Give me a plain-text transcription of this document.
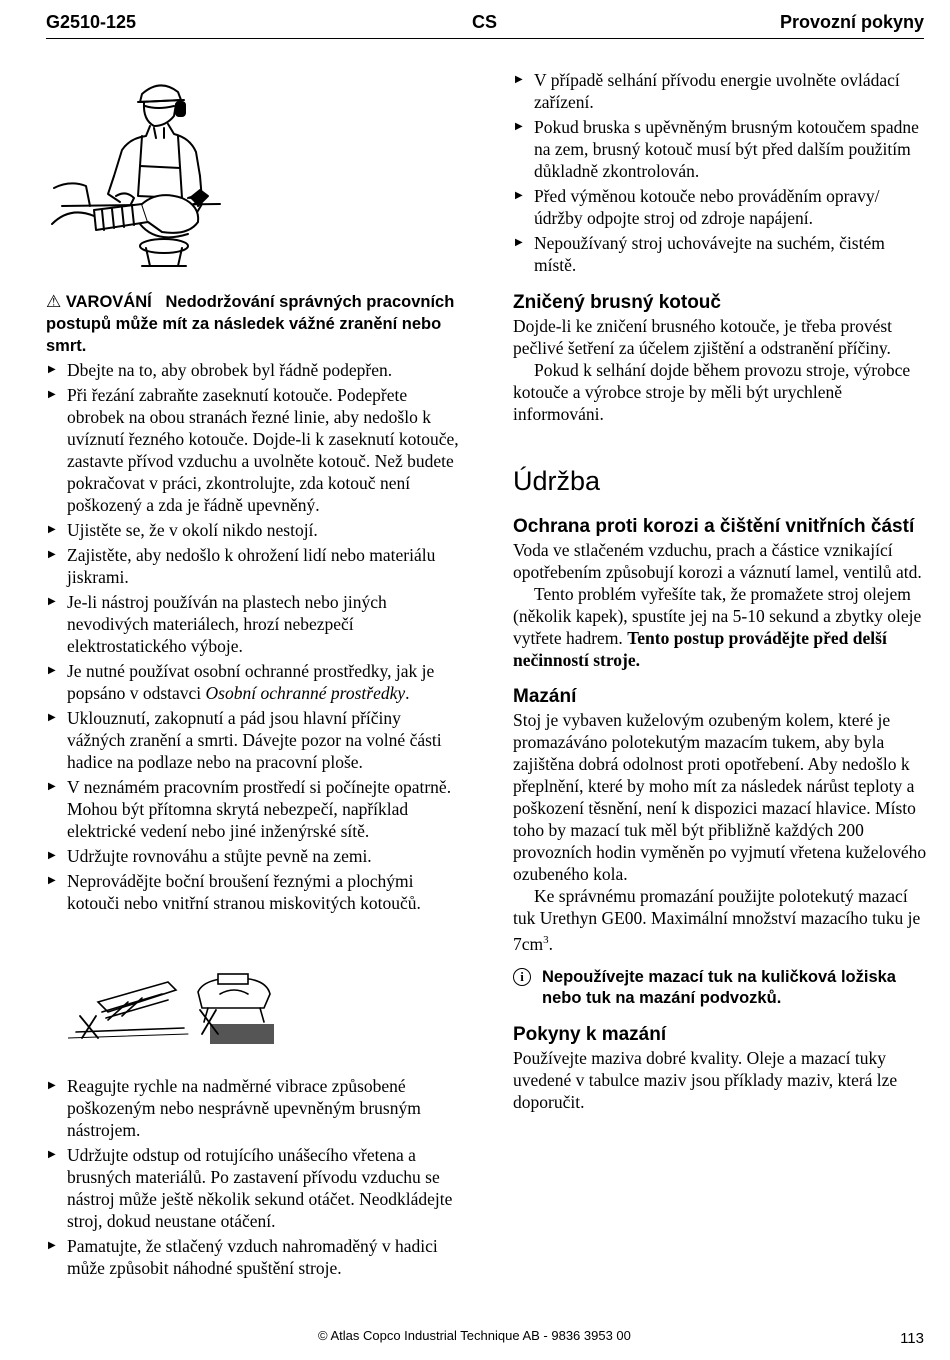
G2510-125	CS	Provozní pokyny

⚠ VAROVÁNÍ Nedodržování správných pracovních postupů může mít za následek vážné zranění nebo smrt.

▶ Dbejte na to, aby obrobek byl řádně podepřen.
▶ Při řezání zabraňte zaseknutí kotouče. Podepřete obrobek na obou stranách řezné linie, aby nedošlo k uvíznutí řezného kotouče. Dojde-li k zaseknutí kotouče, zastavte přívod vzduchu a uvolněte kotouč. Než budete pokračovat v práci, zkontrolujte, zda kotouč není poškozený a zda je řádně upevněný.
▶ Ujistěte se, že v okolí nikdo nestojí.
▶ Zajistěte, aby nedošlo k ohrožení lidí nebo materiálu jiskrami.
▶ Je-li nástroj používán na plastech nebo jiných nevodivých materiálech, hrozí nebezpečí elektrostatického výboje.
▶ Je nutné používat osobní ochranné prostředky, jak je popsáno v odstavci Osobní ochranné prostředky.
▶ Uklouznutí, zakopnutí a pád jsou hlavní příčiny vážných zranění a smrti. Dávejte pozor na volné části hadice na podlaze nebo na pracovní ploše.
▶ V neznámém pracovním prostředí si počínejte opatrně. Mohou být přítomna skrytá nebezpečí, například elektrické vedení nebo jiné inženýrské sítě.
▶ Udržujte rovnováhu a stůjte pevně na zemi.
▶ Neprovádějte boční broušení řeznými a plochými kotouči nebo vnitřní stranou miskovitých kotoučů.
▶ Reagujte rychle na nadměrné vibrace způsobené poškozeným nebo nesprávně upevněným brusným nástrojem.
▶ Udržujte odstup od rotujícího unášecího vřetena a brusných materiálů. Po zastavení přívodu vzduchu se nástroj může ještě několik sekund otáčet. Neodkládejte stroj, dokud neustane otáčení.
▶ Pamatujte, že stlačený vzduch nahromaděný v hadici může způsobit náhodné spuštění stroje.
▶ V případě selhání přívodu energie uvolněte ovládací zařízení.
▶ Pokud bruska s upěvněným brusným kotoučem spadne na zem, brusný kotouč musí být před dalším použitím důkladně zkontrolován.
▶ Před výměnou kotouče nebo prováděním opravy/údržby odpojte stroj od zdroje napájení.
▶ Nepoužívaný stroj uchovávejte na suchém, čistém místě.

Zničený brusný kotouč

Dojde-li ke zničení brusného kotouče, je třeba provést pečlivé šetření za účelem zjištění a odstranění příčiny.

Pokud k selhání dojde během provozu stroje, výrobce kotouče a výrobce stroje by měli být urychleně informováni.

Údržba

Ochrana proti korozi a čištění vnitřních částí

Voda ve stlačeném vzduchu, prach a částice vznikající opotřebením způsobují korozi a váznutí lamel, ventilů atd.

Tento problém vyřešíte tak, že promažete stroj olejem (několik kapek), spustíte jej na 5-10 sekund a zbytky oleje vytřete hadrem. Tento postup provádějte před delší nečinností stroje.

Mazání

Stoj je vybaven kuželovým ozubeným kolem, které je promazáváno polotekutým mazacím tukem, aby byla zajištěna dobrá odolnost proti opotřebení. Aby nedošlo k přeplnění, které by moho mít za následek nárůst teploty a poškození těsnění, není k dispozici mazací hlavice. Místo toho by mazací tuk měl být přibližně každých 200 provozních hodin vyměněn po vyjmutí vřetena kuželového ozubeného kola.

Ke správnému promazání použijte polotekutý mazací tuk Urethyn GE00. Maximální množství mazacího tuku je $7cm^3$.

i	Nepoužívejte mazací tuk na kuličková ložiska nebo tuk na mazání podvozků.

Pokyny k mazání

Používejte maziva dobré kvality. Oleje a mazací tuky uvedené v tabulce maziv jsou příklady maziv, která lze doporučit.

© Atlas Copco Industrial Technique AB - 9836 3953 00	113
